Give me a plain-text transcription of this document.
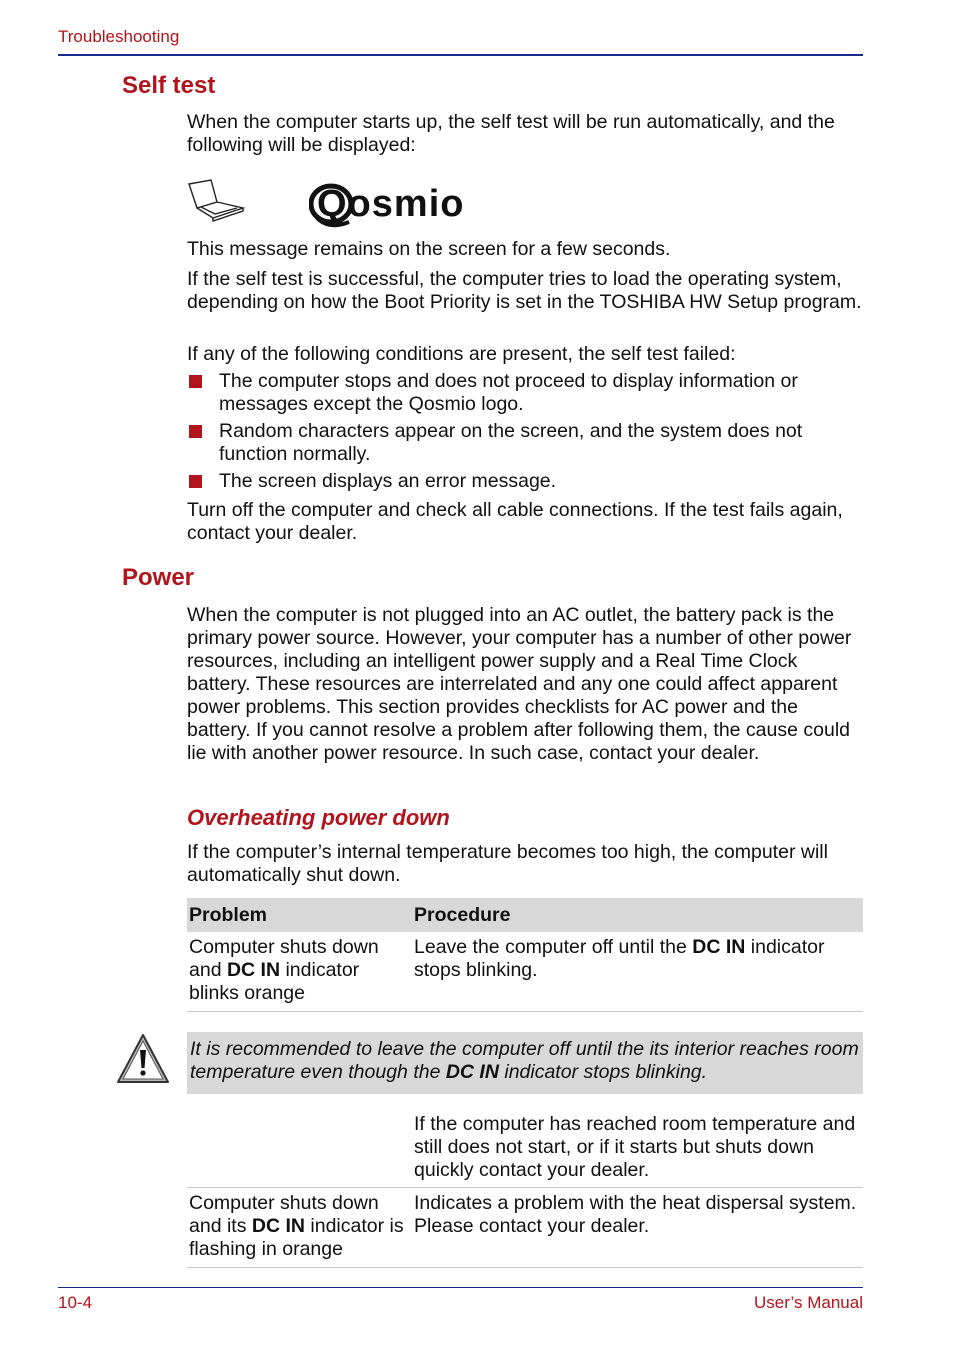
Troubleshooting
Self test
When the computer starts up, the self test will be run automatically, and the following will be displayed:
Qosmio
This message remains on the screen for a few seconds.
If the self test is successful, the computer tries to load the operating system, depending on how the Boot Priority is set in the TOSHIBA HW Setup program.
If any of the following conditions are present, the self test failed:
The computer stops and does not proceed to display information or messages except the Qosmio logo.
Random characters appear on the screen, and the system does not function normally.
The screen displays an error message.
Turn off the computer and check all cable connections. If the test fails again, contact your dealer.
Power
When the computer is not plugged into an AC outlet, the battery pack is the primary power source. However, your computer has a number of other power resources, including an intelligent power supply and a Real Time Clock battery. These resources are interrelated and any one could affect apparent power problems. This section provides checklists for AC power and the battery. If you cannot resolve a problem after following them, the cause could lie with another power resource. In such case, contact your dealer.
Overheating power down
If the computer’s internal temperature becomes too high, the computer will automatically shut down.
Problem	Procedure
Computer shuts down and DC IN indicator blinks orange	Leave the computer off until the DC IN indicator stops blinking.
It is recommended to leave the computer off until the its interior reaches room temperature even though the DC IN indicator stops blinking.
	If the computer has reached room temperature and still does not start, or if it starts but shuts down quickly contact your dealer.
Computer shuts down and its DC IN indicator is flashing in orange	Indicates a problem with the heat dispersal system. Please contact your dealer.
10-4	User’s Manual
